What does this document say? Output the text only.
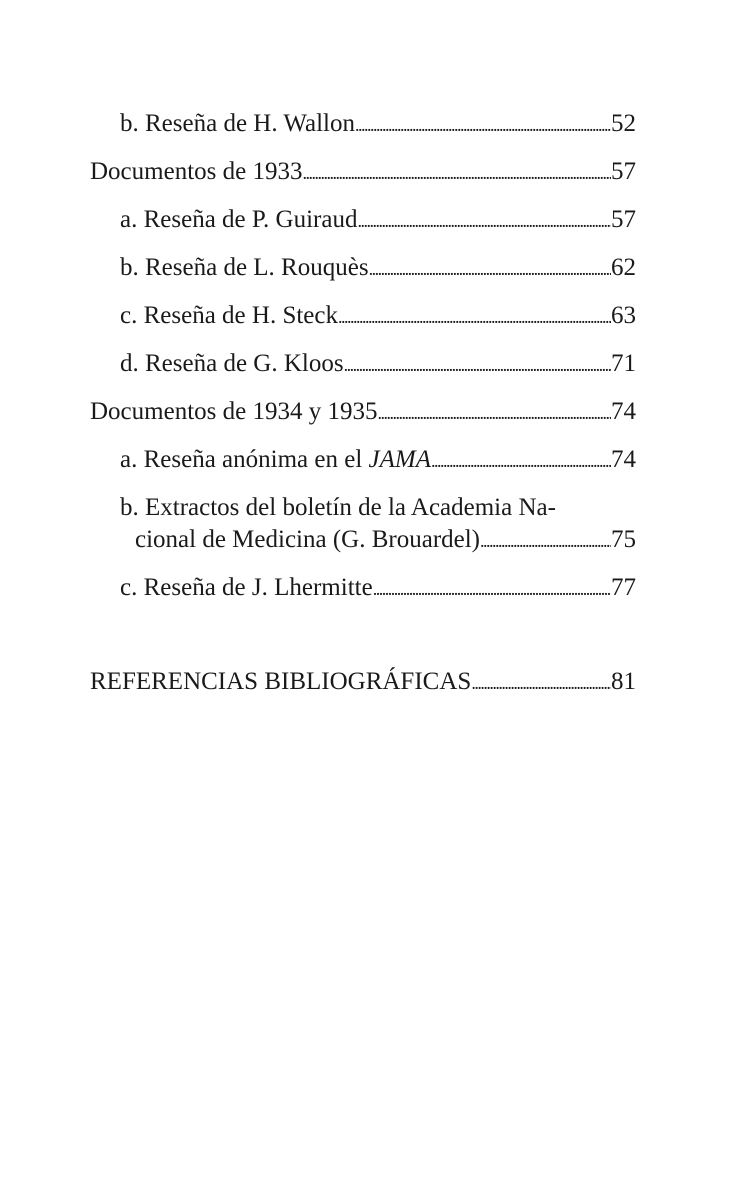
b. Reseña de H. Wallon . . .	52
Documentos de 1933 . . .	57
a. Reseña de P. Guiraud . . .	57
b. Reseña de L. Rouquès . . .	62
c. Reseña de H. Steck . . .	63
d. Reseña de G. Kloos . . .	71
Documentos de 1934 y 1935 . . .	74
a. Reseña anónima en el JAMA . . .	74
b. Extractos del boletín de la Academia Na-
cional de Medicina (G. Brouardel) . . .	75
c. Reseña de J. Lhermitte . . .	77
REFERENCIAS BIBLIOGRÁFICAS . . .	81
